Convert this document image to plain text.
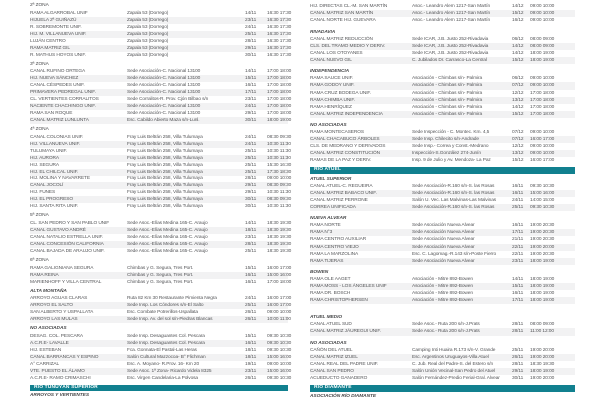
2ª ZONA
RAMA ALGARROBAL UNIF	Zapala 53 (Dorrego)	14/11	16:30 17:30
HIJUELA 2ª GUIÑAZÚ	Zapala 53 (Dorrego)	23/11	16:30 17:30
R. SOBREMONTE UNIF.	Zapala 53 (Dorrego)	24/11	16:30 17:30
HIJ. M. VILLANUEVA UNIF.	Zapala 53 (Dorrego)	25/11	16:30 17:30
LUJÁN CENTRO	Zapala 53 (Dorrego)	28/11	16:30 17:30
RAMA MATRIZ GIL	Zapala 53 (Dorrego)	29/11	16:30 17:30
R. MATHUS HOYOS UNIF.	Zapala 53 (Dorrego)	30/11	16:30 17:30
3ª ZONA
CANAL RUFINO ORTEGA	Sede Asociación-C. Nacional 13100	14/11	17:00 18:00
HIJ. NUEVA SÁNCHEZ	Sede Asociación-C. Nacional 13100	15/11	17:00 18:00
CANAL CÉSPEDES UNIF.	Sede Asociación-C. Nacional 13100	16/11	17:00 18:00
PRIMAVERA PEDREGAL UNIF.	Sede Asociación-C. Nacional 13100	17/11	17:00 18:00
CL. VERTIENTES CORRALITOS	Sede Corralitos-R. Prov. Cjón Bilbao s/n	23/11	17:00 18:00
NACIENTE CHACHINGO UNIF.	Sede Asociación-C. Nacional 13100	24/11	17:00 18:00
RAMA SAN ROQUE	Sede Asociación-C. Nacional 13100	29/11	17:00 18:00
CANAL MATRIZ LUNLUNTA	Esc. Cabildo Abierto Maza s/n-Lunl.	30/11	18:00 19:00
4ª ZONA
CANAL COLONIAS UNIF.	Fray Luis Beltrán 258, Villa Tulumaya	24/11	08:30 09:30
HIJ. VILLANUEVA UNIF.	Fray Luis Beltrán 258, Villa Tulumaya	24/11	10:30 11:30
TULUMAYA UNIF.	Fray Luis Beltrán 258, Villa Tulumaya	25/11	10:30 11:30
HIJ. AURORA	Fray Luis Beltrán 258, Villa Tulumaya	25/11	10:30 11:30
HIJ. SEGURA	Fray Luis Beltrán 258, Villa Tulumaya	25/11	15:30 16:30
HIJ. EL CHILCAL UNIF.	Fray Luis Beltrán 258, Villa Tulumaya	25/11	17:30 18:30
HIJ. MOLINA Y NAVARRETE	Fray Luis Beltrán 258, Villa Tulumaya	28/11	09:00 10:00
CANAL JOCOLÍ	Fray Luis Beltrán 258, Villa Tulumaya	29/11	08:30 09:30
HIJ. FUNES	Fray Luis Beltrán 258, Villa Tulumaya	29/11	10:30 11:30
HIJ. EL PROGRESO	Fray Luis Beltrán 258, Villa Tulumaya	30/11	08:30 09:30
HIJ. SANTA RITA UNIF.	Fray Luis Beltrán 258, Villa Tulumaya	30/11	10:30 11:30
5ª ZONA
CL. SAN PEDRO Y SAN PABLO UNIF	Sede Asoc.-Elías Medina 165-C. Araujo	14/11	18:30 19:30
CANAL GUSTAVO ANDRÉ	Sede Asoc.-Elías Medina 165-C. Araujo	18/11	18:30 19:30
CANAL NATALIO ESTRELLA UNIF.	Sede Asoc.-Elías Medina 165-C. Araujo	23/11	18:30 19:30
CANAL CONCESIÓN CALIFORNIA	Sede Asoc.-Elías Medina 165-C. Araujo	28/11	18:30 19:30
CANAL BAJADA DE ARAUJO UNIF.	Sede Asoc.-Elías Medina 165-C. Araujo	25/11	18:30 19:30
6ª ZONA
RAMA GALIGNIANA SEGURA	Chimbas y G. Segura, Tres Port.	15/11	16:00 17:00
RAMA REINA	Chimbas y G. Segura, Tres Port.	16/11	15:00 16:00
MARIENHOFF Y VILLA CENTRAL	Chimbas y G. Segura, Tres Port.	16/11	17:00 18:00
ALTA MONTAÑA
ARROYO AGUAS CLARAS	Ruta 82 Km 30 Restaurante Pimienta Negra	24/11	16:00 17:00
ARROYO EL SALTO	Sede Insp. Los Cóndores s/n-El Salto	25/11	16:00 17:00
SAN ALBERTO Y USPALLATA	Esc. Combate Potrerillos-Uspallata	26/11	09:00 10:00
ARROYO LAS MULAS	Sede Insp. Av. del sol s/n-Piedras Blancas	26/11	10:00 11:00
NO ASOCIADAS
DESAG. COL. PESCARA	Sede Insp. Desaguantes Col. Pescara	15/11	09:30 10:30
A.C.R.E- LAVALLE	Sede Insp. Desaguantes Col. Pescara	16/11	09:30 10:30
HIJ. ESTEBAN	Fca. Gonnata-El Pastal-Las Heras	18/11	09:30 10:30
CANAL BARRANCAS Y ESPINO	Salón Cultural Mazzocoa- B° Flichman	18/11	15:00 16:00
A° CARRIZAL	Esc. A. Moyano- R.Prov. 16- Km 20	19/11	09:00 10:00
VTE. PUESTO EL ÁLAMO	Sede Asoc. 1ª Zona- Ricardo Videla 8325	23/11	15:00 16:00
A.C.R.E- RAMO CRIMASCHI	Esc. Virgen Candelaria-La Polvosa	26/11	09:30 10:30
RÍO TUNUYÁN SUPERIOR
ARROYOS Y VERTIENTES
HIJ. DIRECTAS CL.-M. SAN MARTÍN	Asoc.- Leandro Alem 1217-San Martín	14/12	09:00 10:00
CANAL MATRIZ SAN MARTÍN	Asoc.- Leandro Alem 1217-San Martín	15/12	09:00 10:00
CANAL NORTE HIJ. GUEVARA	Asoc.- Leandro Alem 1217-San Martín	16/12	09:00 10:00
RIVADAVIA
CANAL MATRIZ REDUCCIÓN	Sede ICAR, J.B. Justo 252-Rivadavia	06/12	08:00 09:00
CLS. DEL TRAMO MEDIO Y DERIV.	Sede ICAR, J.B. Justo 252-Rivadavia	14/12	08:00 09:00
CANAL LOS OTOYANES	Sede ICAR, J.B. Justo 252-Rivadavia	14/12	18:00 19:00
CANAL NUEVO GIL	C. Jubilados Dr. Carrasco-La Central	15/12	18:00 19:00
INDEPENDENCIA
RAMA SAUCE UNIF.	Asociación - Chimbas s/n- Palmira	06/12	09:00 10:00
RAMA GODOY UNIF.	Asociación - Chimbas s/n- Palmira	07/12	09:00 10:00
RAMA CRUZ BODEGA UNIF.	Asociación - Chimbas s/n- Palmira	12/12	17:00 18:00
RAMA CHIMBA UNIF.	Asociación - Chimbas s/n- Palmira	13/12	17:00 18:00
RAMA HENRÍQUEZ	Asociación - Chimbas s/n- Palmira	14/12	17:00 18:00
CANAL MATRIZ INDEPENDENCIA	Asociación - Chimbas s/n- Palmira	15/12	17:00 18:00
NO ASOCIADAS
RAMA MONTECASEROS	Sede Inspección - C. Montec. Km. 4,5	07/12	09:00 10:00
CANAL CHACABUCO ÁRBOLES	Sede Insp. Chilecito s/n-Andrade	07/12	16:00 17:00
CLS. DE MEDRANO Y DERIVADOS	Sede Insp.- Correa y Const.-Medrano	12/12	09:00 10:00
CANAL MATRIZ CONSTITUCIÓN	Inspección-S.González 274-Junín	13/12	09:00 10:00
RAMAS DE LA PAZ Y DERIV.	Insp. 9 de Julio y Av. Mendoza- La Paz	15/12	16:00 17:00
RÍO ATUEL
ATUEL SUPERIOR
CANAL ATUEL-C. REGUEIRA	Sede Asociación-R.160 s/n-S. las Rosas	16/11	09:30 10:30
CANAL MATRIZ BABACO UNIF.	Sede Asociación-R.160 s/n-S. las Rosas	16/11	15:00 16:00
CANAL MATRIZ PERRONE	Salón U. Vec. Las Malvinas-Las Malvinas	24/11	14:00 15:00
CORREA UNIFICADA	Sede Asociación-R.160 s/n-S. las Rosas	25/11	09:30 10:30
NUEVA ALVEAR
RAMA NORTE	Sede Asociación Nueva Alvear	16/11	19:00 20:30
RAMA N°3	Sede Asociación Nueva Alvear	17/11	19:00 20:30
RAMA CENTRO AUXILIAR	Sede Asociación Nueva Alvear	21/11	19:00 20:30
RAMA CENTRO VIEJO	Sede Asociación Nueva Alvear	22/11	19:00 20:00
RAMA LA MARZOLINA	Esc. C. Lagomag.-R.143 s/n-Poste Fierro	22/11	19:00 20:30
RAMA TIJERAS	Sede Asociación Nueva Alvear	23/11	18:00 19:00
BOWEN
RAMA OLE AAGET	Asociación - Mitre 892-Bowen	14/11	18:00 19:00
RAMA MOSS - LOS ÁNGELES UNIF	Asociación - Mitre 892-Bowen	15/11	18:00 19:00
RAMA DR. BOSCH	Asociación - Mitre 892-Bowen	16/11	18:00 19:00
RAMA CHRISTOPHERSEN	Asociación - Mitre 892-Bowen	17/11	18:00 19:00
ATUEL MEDIO
CANAL ATUEL SUD	Sede Asoc.- Ruta 200 s/n-J.Prats	28/11	08:00 09:00
CANAL MATRIZ JÁUREGUI UNIF.	Sede Asoc.- Ruta 200 s/n-J.Prats	28/11	11:00 12:00
NO ASOCIADAS
CAÑÓN DEL ATUEL	Camping Inti Huaira R.173 s/n-V. Grande	25/11	19:00 20:00
CANAL MATRIZ IZUEL	Esc. Argentinos Uruguayos-Villa Atuel	26/11	19:00 20:00
CANAL REAL DEL PADRE UNIF.	C. Jub. Real del Padre-S. del Estero s/n	28/11	18:30 19:30
CANAL SAN PEDRO	Salón Unión Vecinal-San Pedro del Atuel	29/11	18:00 19:00
ACUEDUCTO GANADERO	Salón Fernández-Predio Ferial-Gral. Alvear	30/11	19:00 20:00
RÍO DIAMANTE
ASOCIACIÓN RÍO DIAMANTE
